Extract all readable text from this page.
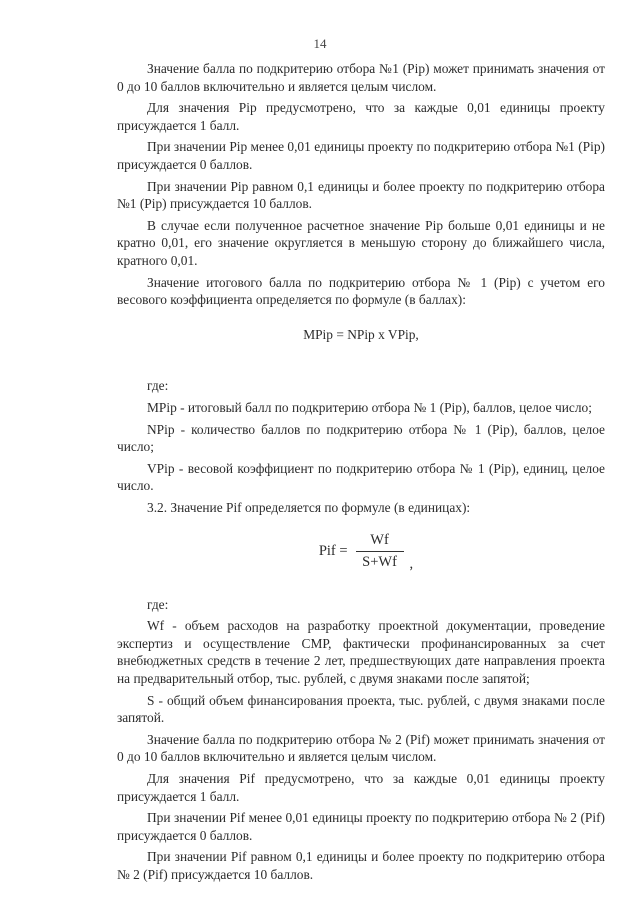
14

Значение балла по подкритерию отбора №1 (Pip) может принимать значения от 0 до 10 баллов включительно и является целым числом.

Для значения Pip предусмотрено, что за каждые 0,01 единицы проекту присуждается 1 балл.

При значении Pip менее 0,01 единицы проекту по подкритерию отбора №1 (Pip) присуждается 0 баллов.

При значении Pip равном 0,1 единицы и более проекту по подкритерию отбора №1 (Pip) присуждается 10 баллов.

В случае если полученное расчетное значение Pip больше 0,01 единицы и не кратно 0,01, его значение округляется в меньшую сторону до ближайшего числа, кратного 0,01.

Значение итогового балла по подкритерию отбора № 1 (Pip) с учетом его весового коэффициента определяется по формуле (в баллах):

MPip = NPip x VPip,

где:

MPip - итоговый балл по подкритерию отбора № 1 (Pip), баллов, целое число;

NPip - количество баллов по подкритерию отбора № 1 (Pip), баллов, целое число;

VPip - весовой коэффициент по подкритерию отбора № 1 (Pip), единиц, целое число.

3.2. Значение Pif определяется по формуле (в единицах):

Pif = $\frac{Wf}{S+Wf}$ ,

где:

Wf - объем расходов на разработку проектной документации, проведение экспертиз и осуществление СМР, фактически профинансированных за счет внебюджетных средств в течение 2 лет, предшествующих дате направления проекта на предварительный отбор, тыс. рублей, с двумя знаками после запятой;

S - общий объем финансирования проекта, тыс. рублей, с двумя знаками после запятой.

Значение балла по подкритерию отбора № 2 (Pif) может принимать значения от 0 до 10 баллов включительно и является целым числом.

Для значения Pif предусмотрено, что за каждые 0,01 единицы проекту присуждается 1 балл.

При значении Pif менее 0,01 единицы проекту по подкритерию отбора № 2 (Pif) присуждается 0 баллов.

При значении Pif равном 0,1 единицы и более проекту по подкритерию отбора № 2 (Pif) присуждается 10 баллов.
